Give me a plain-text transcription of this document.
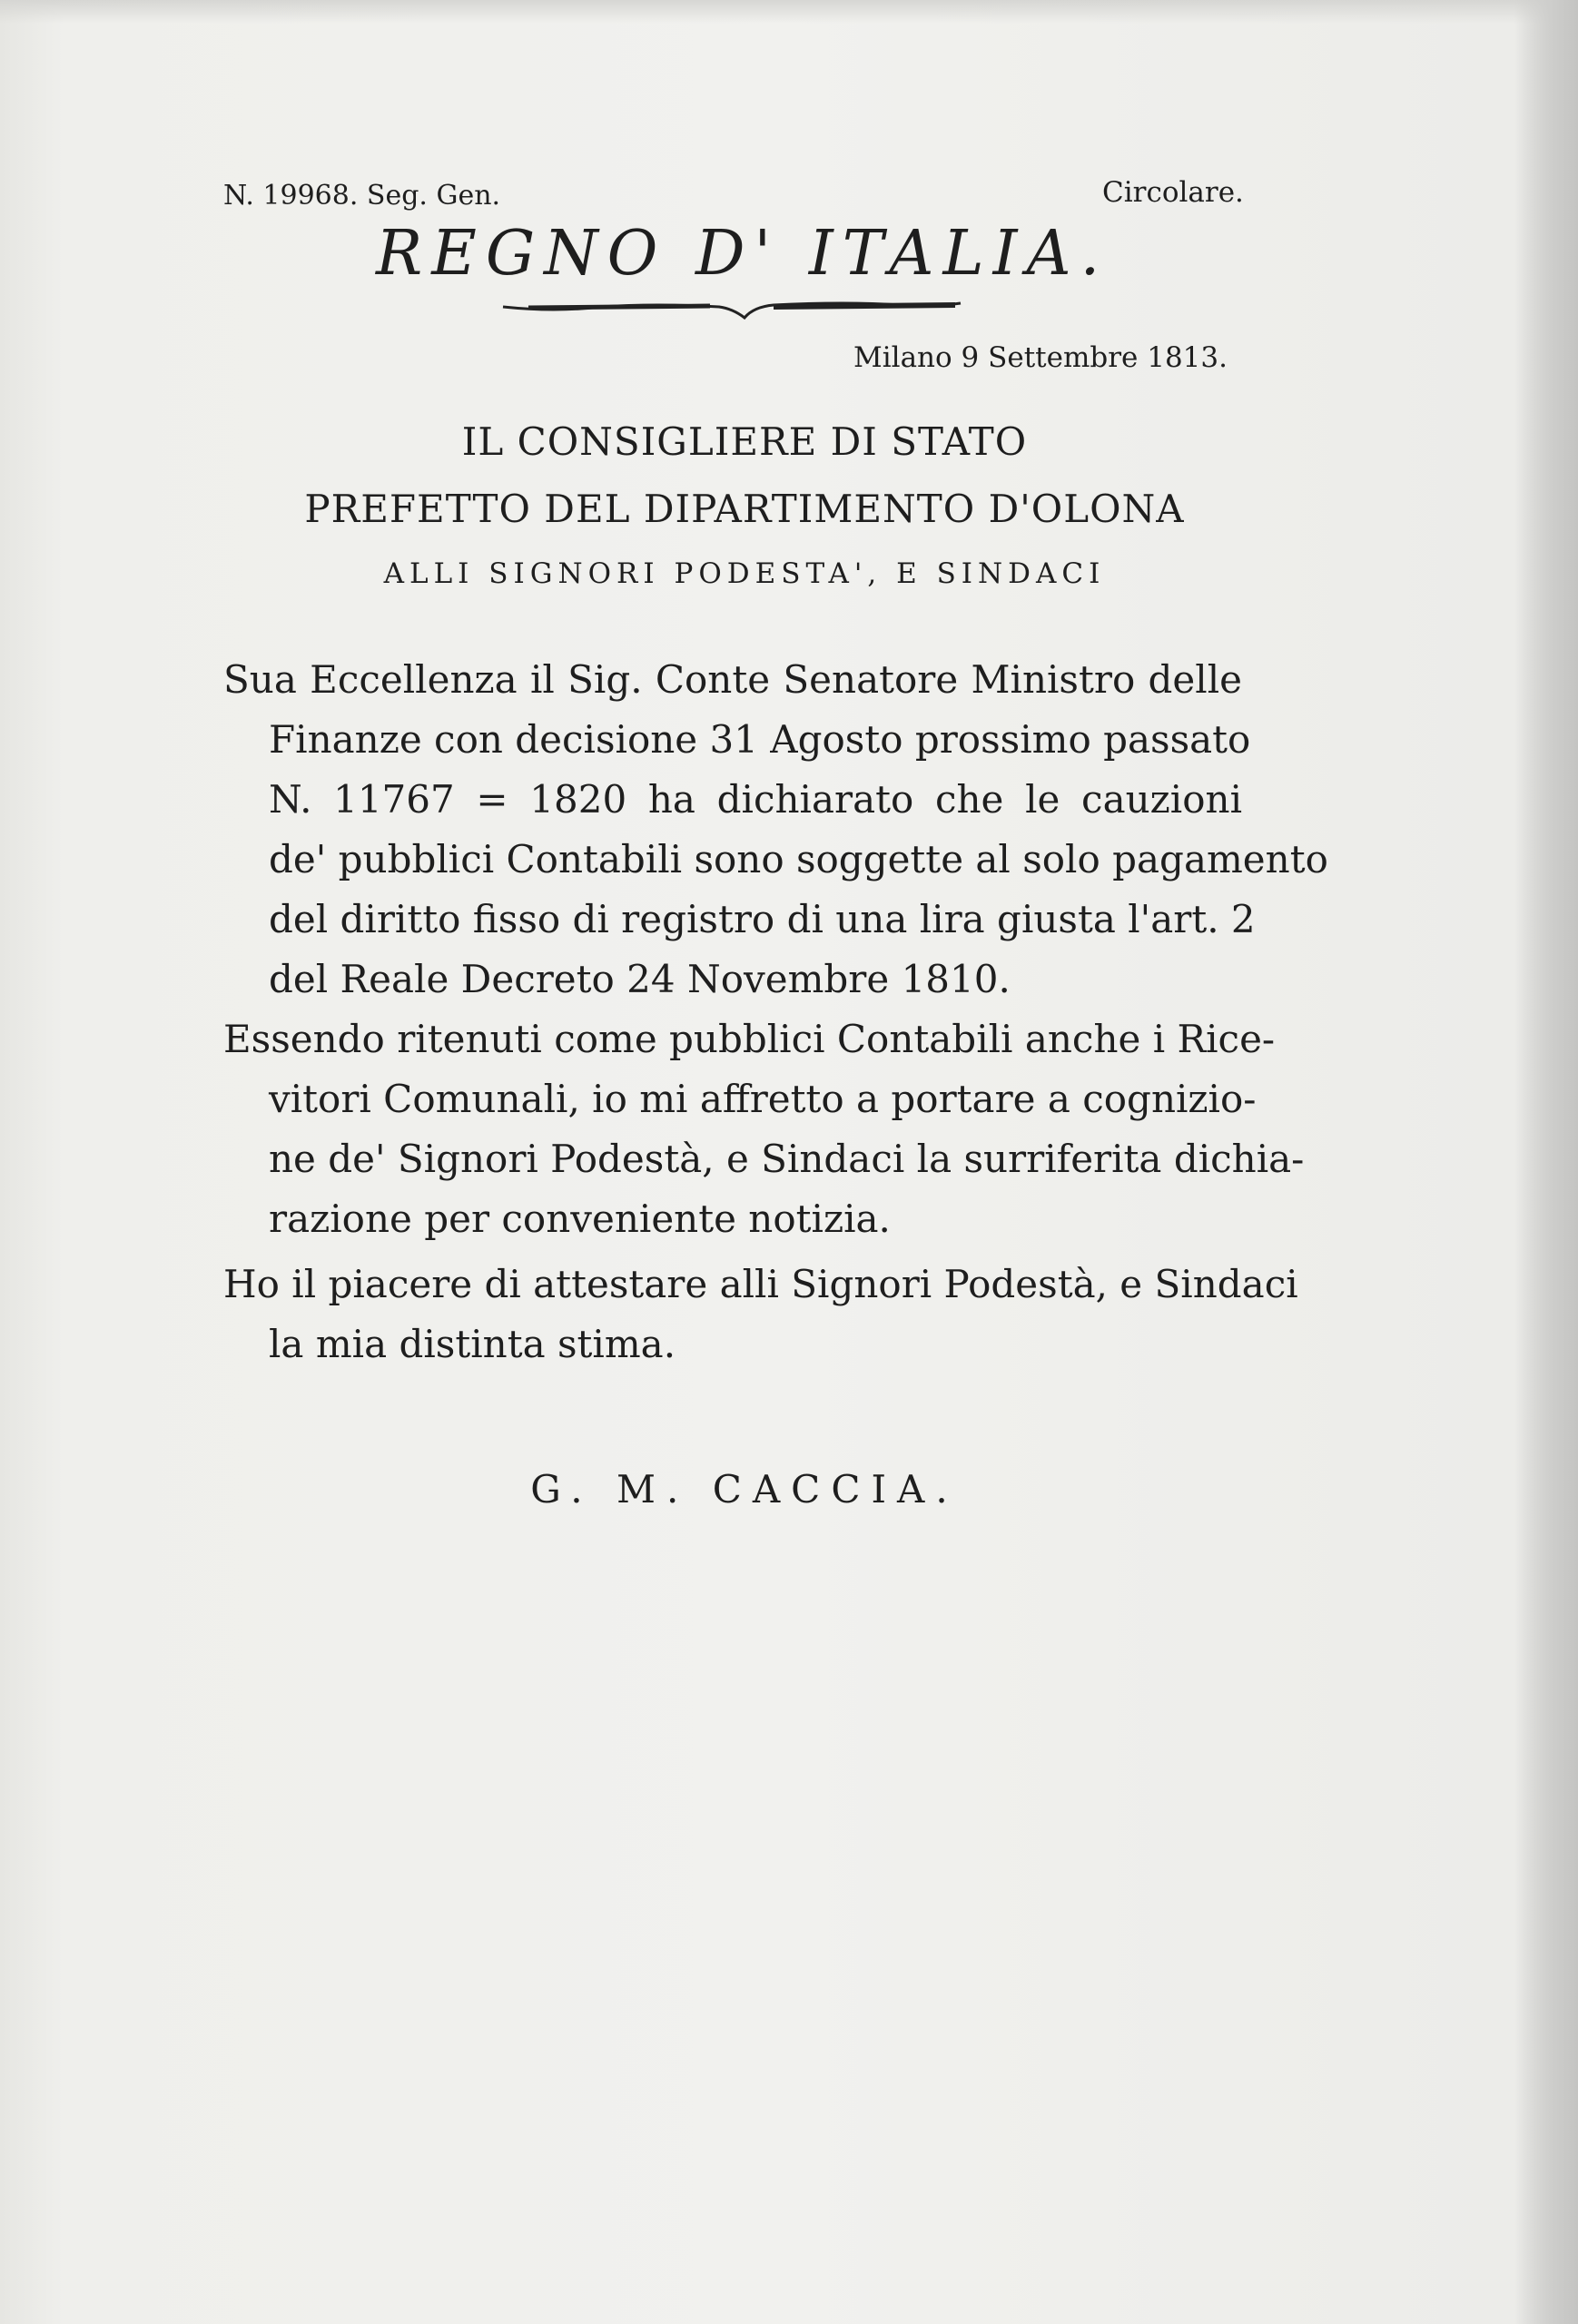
N. 19968. Seg. Gen.	Circolare.
REGNO D' ITALIA.
Milano 9 Settembre 1813.
IL CONSIGLIERE DI STATO
PREFETTO DEL DIPARTIMENTO D'OLONA
ALLI SIGNORI PODESTA', E SINDACI
Sua Eccellenza il Sig. Conte Senatore Ministro delle
Finanze con decisione 31 Agosto prossimo passato
N. 11767 = 1820 ha dichiarato che le cauzioni
de' pubblici Contabili sono soggette al solo pagamento
del diritto fisso di registro di una lira giusta l'art. 2
del Reale Decreto 24 Novembre 1810.
Essendo ritenuti come pubblici Contabili anche i Rice-
vitori Comunali, io mi affretto a portare a cognizio-
ne de' Signori Podestà, e Sindaci la surriferita dichia-
razione per conveniente notizia.
Ho il piacere di attestare alli Signori Podestà, e Sindaci
la mia distinta stima.
G. M. CACCIA.
